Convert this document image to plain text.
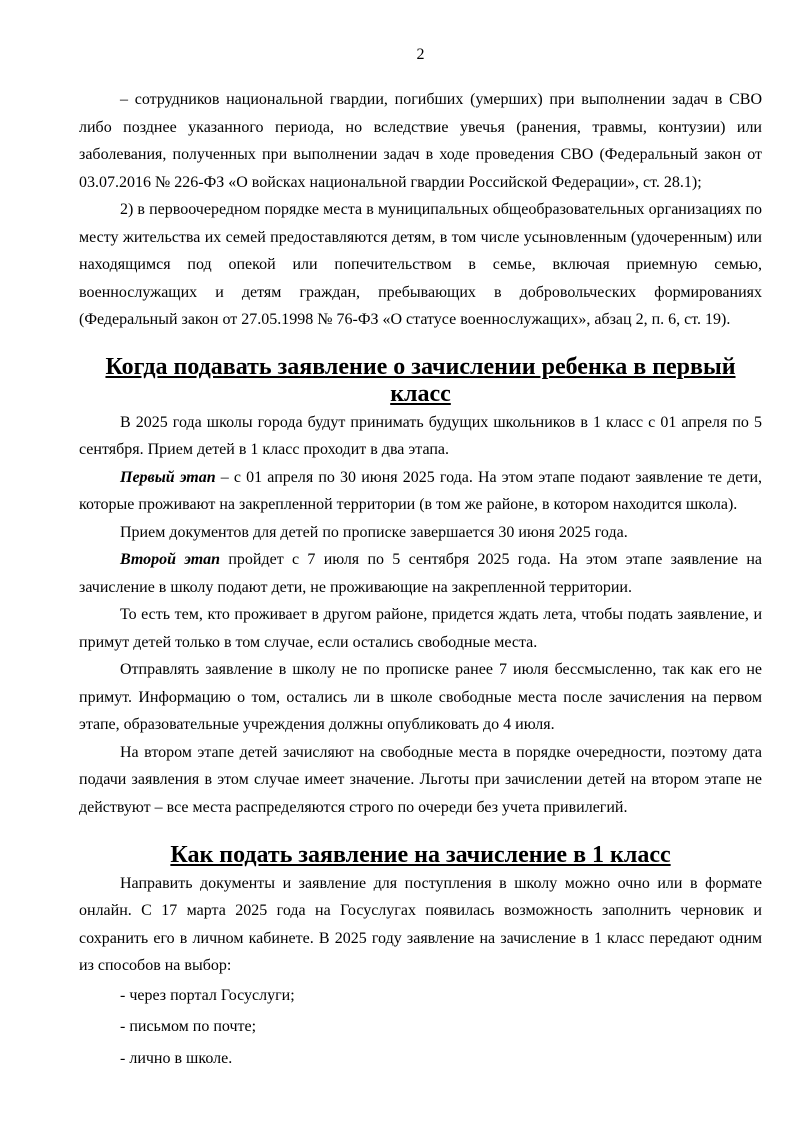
2

– сотрудников национальной гвардии, погибших (умерших) при выполнении задач в СВО либо позднее указанного периода, но вследствие увечья (ранения, травмы, контузии) или заболевания, полученных при выполнении задач в ходе проведения СВО (Федеральный закон от 03.07.2016 № 226-ФЗ «О войсках национальной гвардии Российской Федерации», ст. 28.1);

2) в первоочередном порядке места в муниципальных общеобразовательных организациях по месту жительства их семей предоставляются детям, в том числе усыновленным (удочеренным) или находящимся под опекой или попечительством в семье, включая приемную семью, военнослужащих и детям граждан, пребывающих в добровольческих формированиях (Федеральный закон от 27.05.1998 № 76-ФЗ «О статусе военнослужащих», абзац 2, п. 6, ст. 19).

Когда подавать заявление о зачислении ребенка в первый класс

В 2025 года школы города будут принимать будущих школьников в 1 класс с 01 апреля по 5 сентября. Прием детей в 1 класс проходит в два этапа.

Первый этап – с 01 апреля по 30 июня 2025 года. На этом этапе подают заявление те дети, которые проживают на закрепленной территории (в том же районе, в котором находится школа).

Прием документов для детей по прописке завершается 30 июня 2025 года.

Второй этап пройдет с 7 июля по 5 сентября 2025 года. На этом этапе заявление на зачисление в школу подают дети, не проживающие на закрепленной территории.

То есть тем, кто проживает в другом районе, придется ждать лета, чтобы подать заявление, и примут детей только в том случае, если остались свободные места.

Отправлять заявление в школу не по прописке ранее 7 июля бессмысленно, так как его не примут. Информацию о том, остались ли в школе свободные места после зачисления на первом этапе, образовательные учреждения должны опубликовать до 4 июля.

На втором этапе детей зачисляют на свободные места в порядке очередности, поэтому дата подачи заявления в этом случае имеет значение. Льготы при зачислении детей на втором этапе не действуют – все места распределяются строго по очереди без учета привилегий.

Как подать заявление на зачисление в 1 класс

Направить документы и заявление для поступления в школу можно очно или в формате онлайн. С 17 марта 2025 года на Госуслугах появилась возможность заполнить черновик и сохранить его в личном кабинете. В 2025 году заявление на зачисление в 1 класс передают одним из способов на выбор:

- через портал Госуслуги;

- письмом по почте;

- лично в школе.
